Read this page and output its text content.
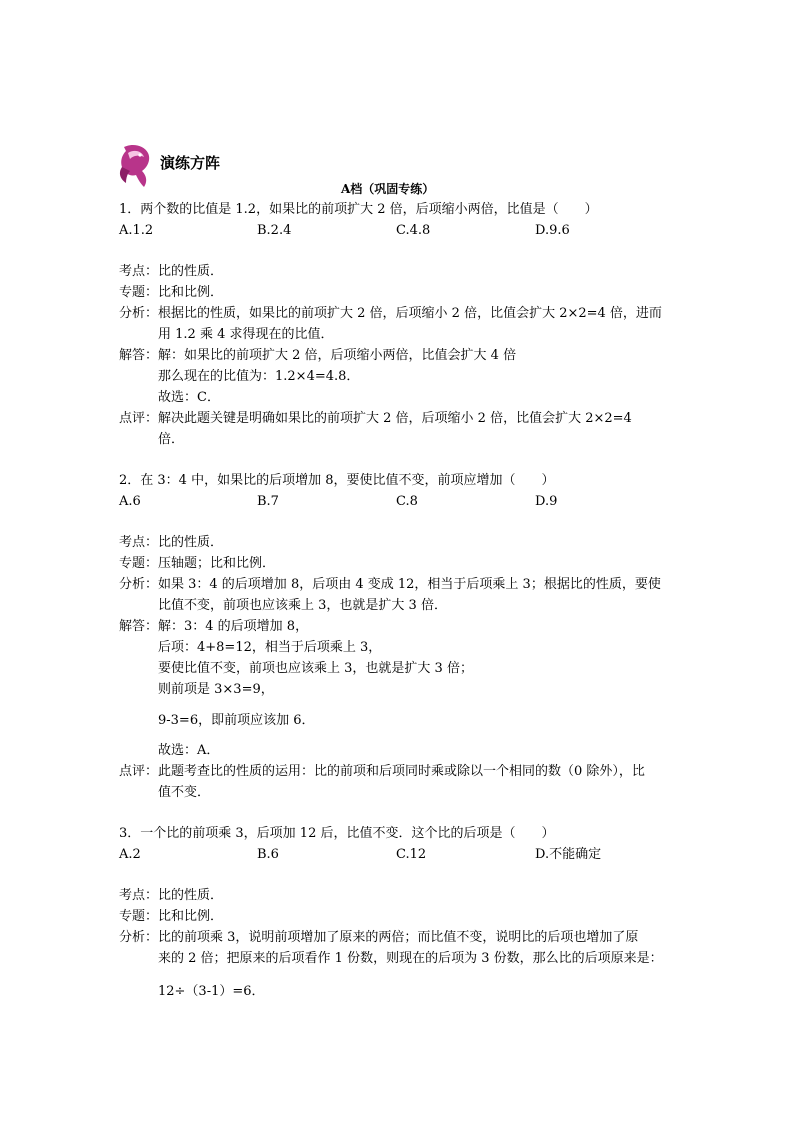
演练方阵
A档（巩固专练）
1．两个数的比值是 1.2，如果比的前项扩大 2 倍，后项缩小两倍，比值是（　　）
A.1.2	B.2.4	C.4.8	D.9.6
考点：比的性质．
专题：比和比例．
分析：根据比的性质，如果比的前项扩大 2 倍，后项缩小 2 倍，比值会扩大 2×2=4 倍，进而
用 1.2 乘 4 求得现在的比值．
解答：解：如果比的前项扩大 2 倍，后项缩小两倍，比值会扩大 4 倍
那么现在的比值为：1.2×4=4.8．
故选：C．
点评：解决此题关键是明确如果比的前项扩大 2 倍，后项缩小 2 倍，比值会扩大 2×2=4
倍．
2．在 3：4 中，如果比的后项增加 8，要使比值不变，前项应增加（　　）
A.6	B.7	C.8	D.9
考点：比的性质．
专题：压轴题；比和比例．
分析：如果 3：4 的后项增加 8，后项由 4 变成 12，相当于后项乘上 3；根据比的性质，要使
比值不变，前项也应该乘上 3，也就是扩大 3 倍．
解答：解：3：4 的后项增加 8，
后项：4+8=12，相当于后项乘上 3，
要使比值不变，前项也应该乘上 3，也就是扩大 3 倍；
则前项是 3×3=9，
9-3=6，即前项应该加 6．
故选：A．
点评：此题考查比的性质的运用：比的前项和后项同时乘或除以一个相同的数（0 除外），比
值不变．
3．一个比的前项乘 3，后项加 12 后，比值不变．这个比的后项是（　　）
A.2	B.6	C.12	D.不能确定
考点：比的性质．
专题：比和比例．
分析：比的前项乘 3，说明前项增加了原来的两倍；而比值不变，说明比的后项也增加了原
来的 2 倍；把原来的后项看作 1 份数，则现在的后项为 3 份数，那么比的后项原来是：
12÷（3-1）=6．
